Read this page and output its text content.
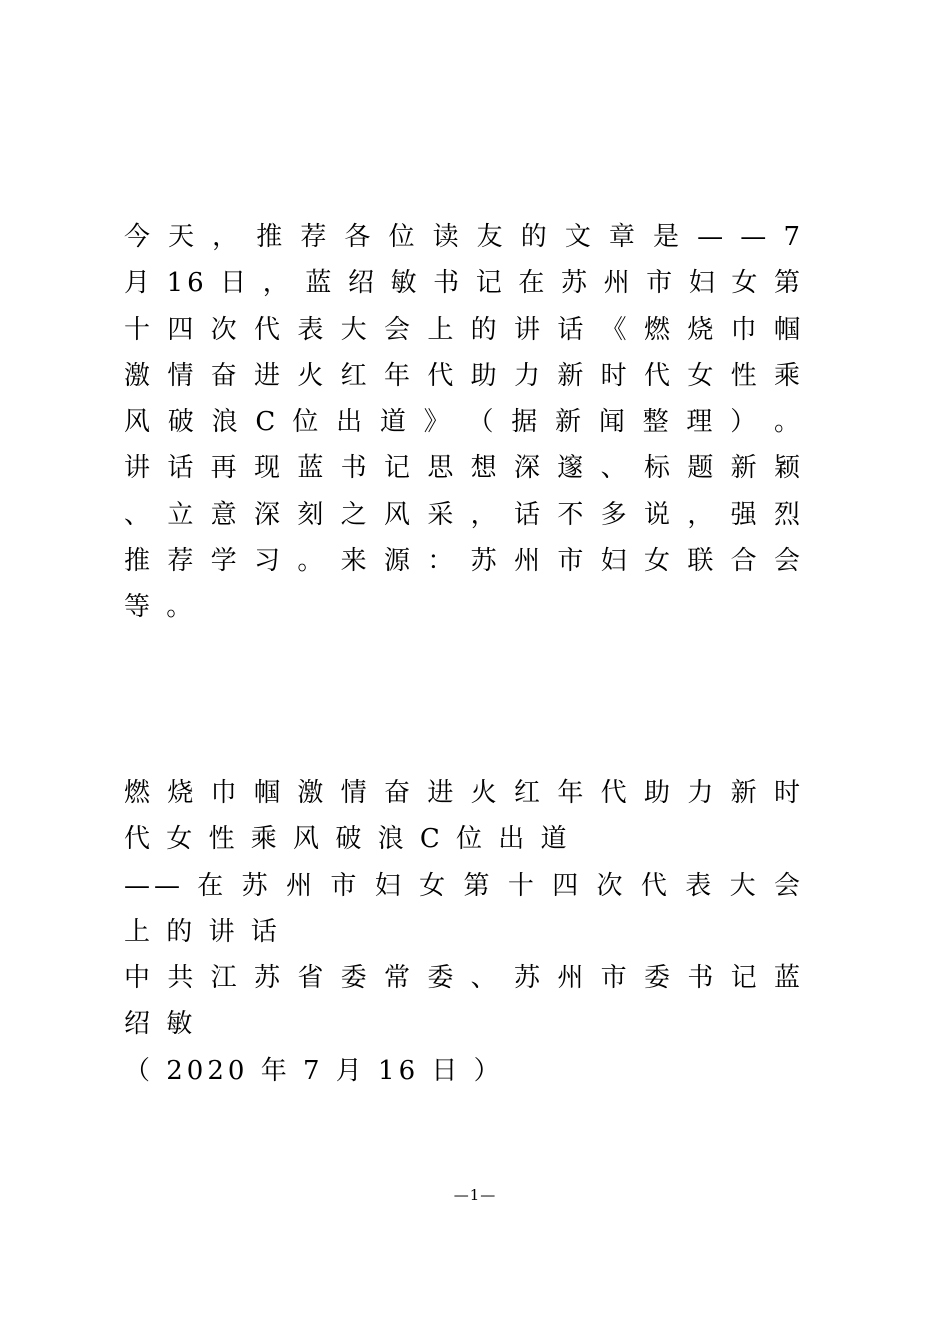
今 天 ， 推 荐 各 位 读 友 的 文 章 是 — — 7 月 16 日 ， 蓝 绍 敏 书 记 在 苏 州 市 妇 女 第 十 四 次 代 表 大 会 上 的 讲 话 《 燃 烧 巾 帼 激 情 奋 进 火 红 年 代 助 力 新 时 代 女 性 乘 风 破 浪 C 位 出 道 》 （ 据 新 闻 整 理 ） 。 讲 话 再 现 蓝 书 记 思 想 深 邃 、 标 题 新 颖 、 立 意 深 刻 之 风 采 ， 话 不 多 说 ， 强 烈 推 荐 学 习 。 来 源 ： 苏 州 市 妇 女 联 合 会 等 。
燃 烧 巾 帼 激 情 奋 进 火 红 年 代 助 力 新 时 代 女 性 乘 风 破 浪 C 位 出 道
—— 在 苏 州 市 妇 女 第 十 四 次 代 表 大 会 上 的 讲 话
中 共 江 苏 省 委 常 委 、 苏 州 市 委 书 记 蓝 绍 敏
（ 2020 年 7 月 16 日 ）
—1—
